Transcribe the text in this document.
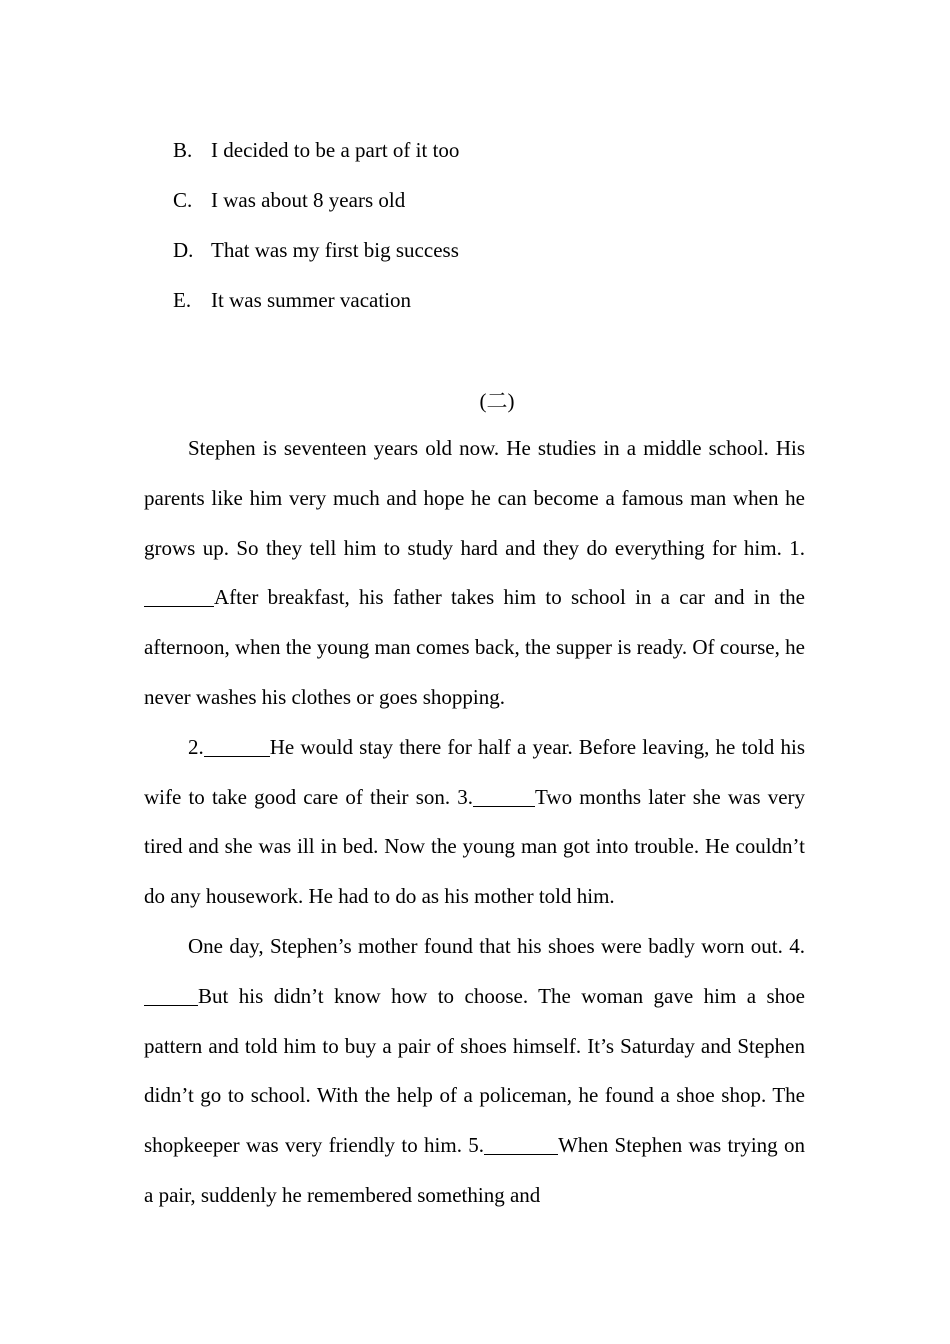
B. I decided to be a part of it too
C. I was about 8 years old
D. That was my first big success
E. It was summer vacation
(二)

Stephen is seventeen years old now. He studies in a middle school. His parents like him very much and hope he can become a famous man when he grows up. So they tell him to study hard and they do everything for him. 1.After breakfast, his father takes him to school in a car and in the afternoon, when the young man comes back, the supper is ready. Of course, he never washes his clothes or goes shopping.

2.	He would stay there for half a year. Before leaving, he told his wife to take good care of their son. 3.	Two months later she was very tired and she was ill in bed. Now the young man got into trouble. He couldn’t do any housework. He had to do as his mother told him.

One day, Stephen’s mother found that his shoes were badly worn out. 4.But his didn’t know how to choose. The woman gave him a shoe pattern and told him to buy a pair of shoes himself. It’s Saturday and Stephen didn’t go to school. With the help of a policeman, he found a shoe shop. The shopkeeper was very friendly to him. 5.	When Stephen was trying on a pair, suddenly he remembered something and
